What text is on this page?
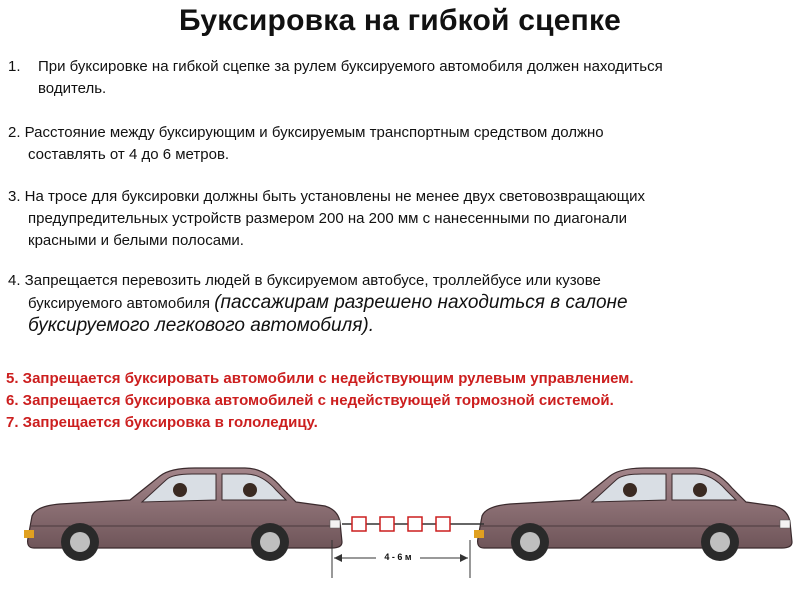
Буксировка на гибкой сцепке
1. При буксировке на гибкой сцепке за рулем буксируемого автомобиля должен находиться
водитель.
2. Расстояние между буксирующим и буксируемым транспортным средством должно
составлять от 4 до 6 метров.
3. На тросе для буксировки должны быть установлены не менее двух световозвращающих
предупредительных устройств размером 200 на 200 мм с нанесенными по диагонали
красными и белыми полосами.
4. Запрещается перевозить людей в буксируемом автобусе, троллейбусе или кузове
буксируемого автомобиля (пассажирам разрешено находиться в салоне
буксируемого легкового автомобиля).
5. Запрещается буксировать автомобили с недействующим рулевым управлением.
6. Запрещается буксировка автомобилей с недействующей тормозной системой.
7. Запрещается буксировка в гололедицу.
4 - 6 м
